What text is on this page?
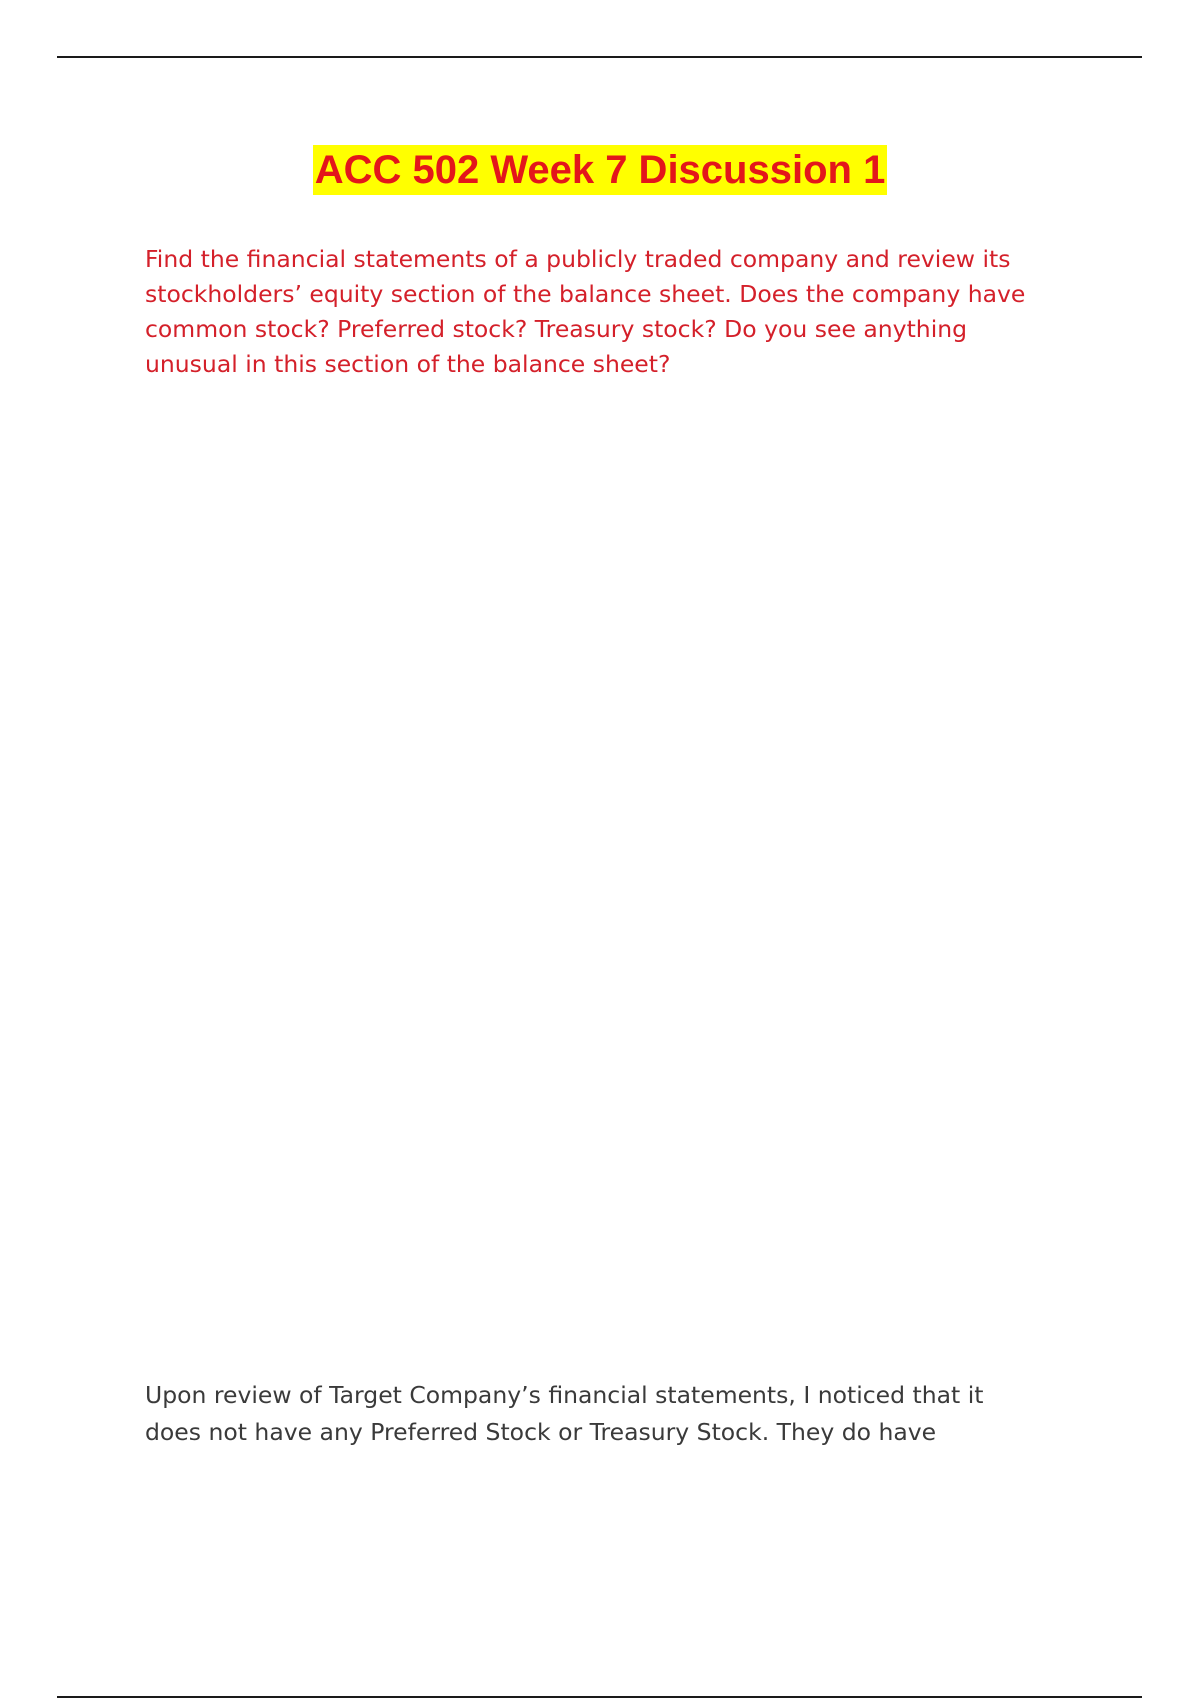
ACC 502 Week 7 Discussion 1
Find the financial statements of a publicly traded company and review its
stockholders’ equity section of the balance sheet. Does the company have
common stock? Preferred stock? Treasury stock? Do you see anything
unusual in this section of the balance sheet?
Upon review of Target Company’s financial statements, I noticed that it
does not have any Preferred Stock or Treasury Stock. They do have
